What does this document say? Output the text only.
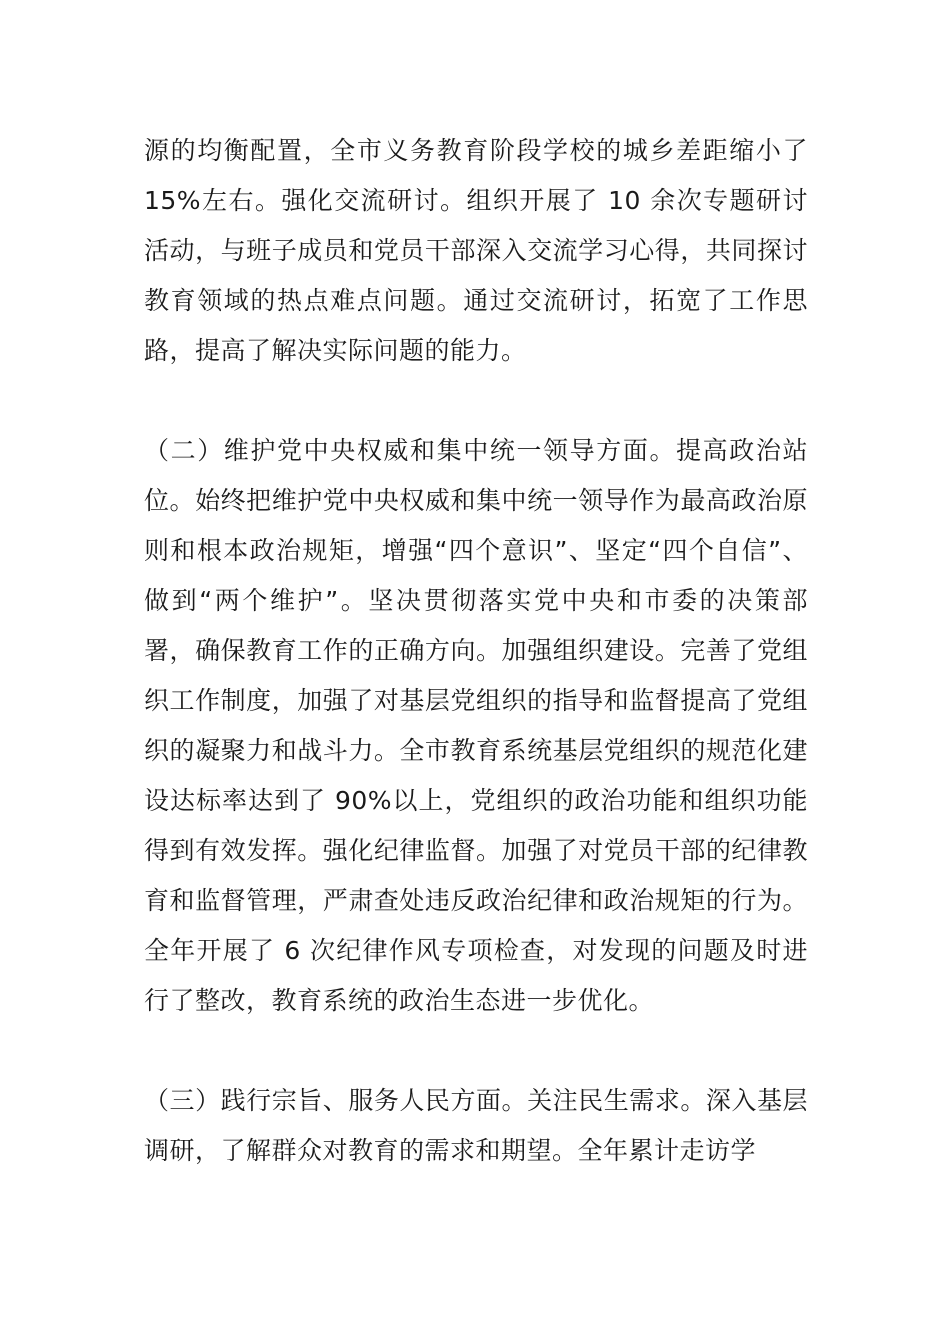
源的均衡配置，全市义务教育阶段学校的城乡差距缩小了15%左右。强化交流研讨。组织开展了 10 余次专题研讨活动，与班子成员和党员干部深入交流学习心得，共同探讨教育领域的热点难点问题。通过交流研讨，拓宽了工作思路，提高了解决实际问题的能力。

（二）维护党中央权威和集中统一领导方面。提高政治站位。始终把维护党中央权威和集中统一领导作为最高政治原则和根本政治规矩，增强“四个意识”、坚定“四个自信”、做到“两个维护”。坚决贯彻落实党中央和市委的决策部署，确保教育工作的正确方向。加强组织建设。完善了党组织工作制度，加强了对基层党组织的指导和监督提高了党组织的凝聚力和战斗力。全市教育系统基层党组织的规范化建设达标率达到了 90%以上，党组织的政治功能和组织功能得到有效发挥。强化纪律监督。加强了对党员干部的纪律教育和监督管理，严肃查处违反政治纪律和政治规矩的行为。全年开展了 6 次纪律作风专项检查，对发现的问题及时进行了整改，教育系统的政治生态进一步优化。

（三）践行宗旨、服务人民方面。关注民生需求。深入基层调研，了解群众对教育的需求和期望。全年累计走访学
